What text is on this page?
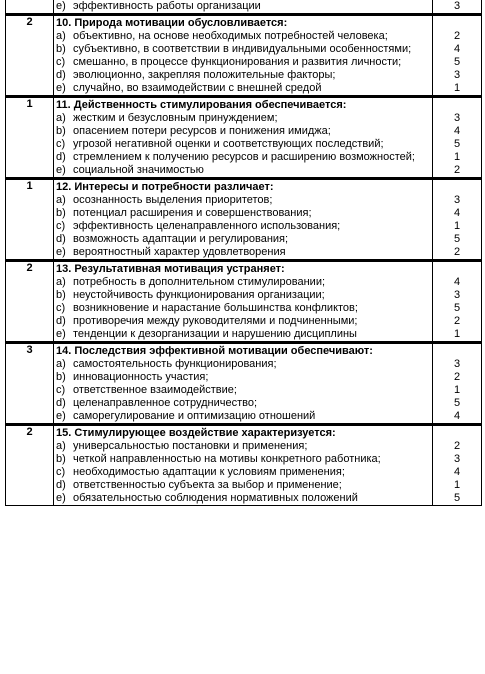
	e) эффективность работы организации	3
2	10. Природа мотивации обусловливается:	

	a) объективно, на основе необходимых потребностей человека;	2

	b) субъективно, в соответствии в индивидуальными особенностями;	4

	c) смешанно, в процессе функционирования и развития личности;	5

	d) эволюционно, закрепляя положительные факторы;	3

	e) случайно, во взаимодействии с внешней средой	1
1	11. Действенность стимулирования обеспечивается:	

	a) жестким и безусловным принуждением;	3

	b) опасением потери ресурсов и понижения имиджа;	4

	c) угрозой негативной оценки и соответствующих последствий;	5

	d) стремлением к получению ресурсов и расширению возможностей;	1

	e) социальной значимостью	2
1	12. Интересы и потребности различает:	

	a) осознанность выделения приоритетов;	3

	b) потенциал расширения и совершенствования;	4

	c) эффективность целенаправленного использования;	1

	d) возможность адаптации и регулирования;	5

	e) вероятностный характер удовлетворения	2
2	13. Результативная мотивация устраняет:	

	a) потребность в дополнительном стимулировании;	4

	b) неустойчивость функционирования организации;	3

	c) возникновение и нарастание большинства конфликтов;	5

	d) противоречия между руководителями и подчиненными;	2

	e) тенденции к дезорганизации и нарушению дисциплины	1
3	14. Последствия эффективной мотивации обеспечивают:	

	a) самостоятельность функционирования;	3

	b) инновационность участия;	2

	c) ответственное взаимодействие;	1

	d) целенаправленное сотрудничество;	5

	e) саморегулирование и оптимизацию отношений	4
2	15. Стимулирующее воздействие характеризуется:	

	a) универсальностью постановки и применения;	2

	b) четкой направленностью на мотивы конкретного работника;	3

	c) необходимостью адаптации к условиям применения;	4

	d) ответственностью субъекта за выбор и применение;	1

	e) обязательностью соблюдения нормативных положений	5
